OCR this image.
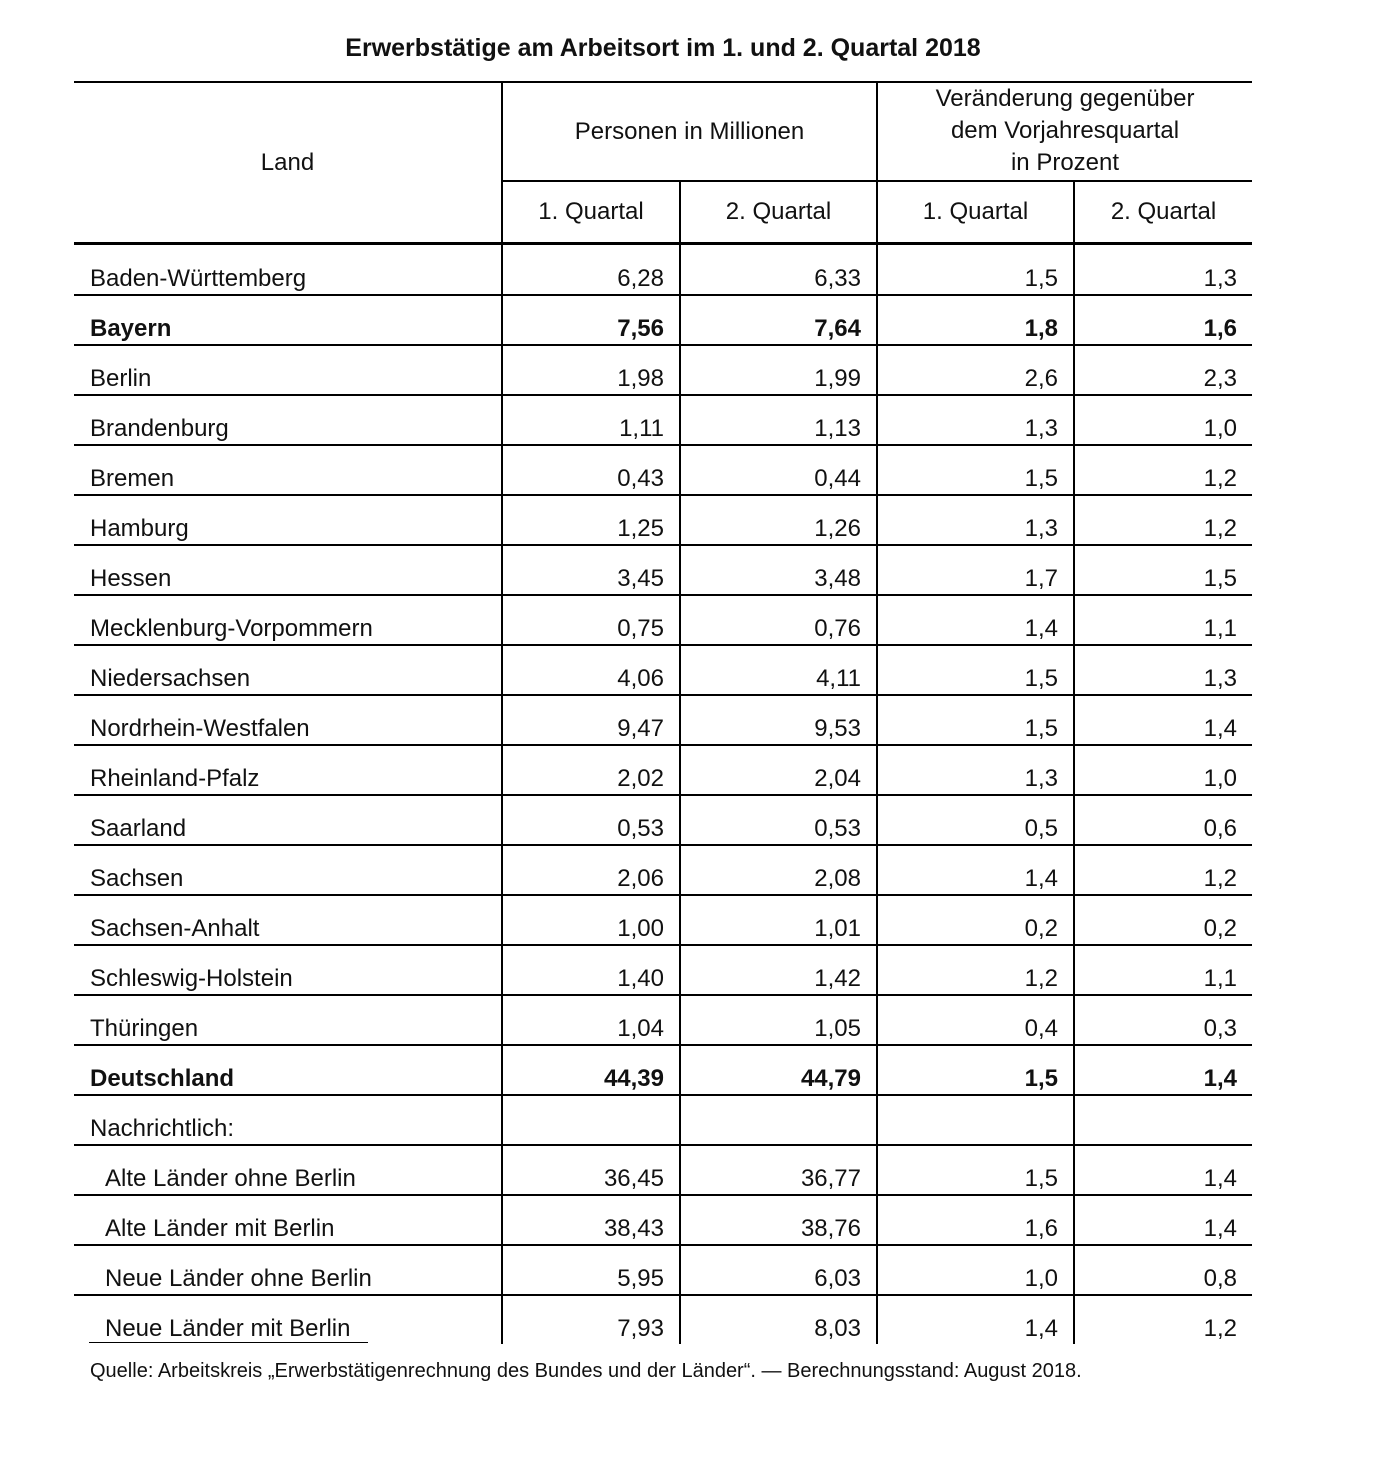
Erwerbstätige am Arbeitsort im 1. und 2. Quartal 2018
Land	Personen in Millionen		Veränderung gegenüber
dem Vorjahresquartal
in Prozent	

	1. Quartal	2. Quartal	1. Quartal	2. Quartal
Baden-Württemberg	6,28	6,33	1,5	1,3
Bayern	7,56	7,64	1,8	1,6
Berlin	1,98	1,99	2,6	2,3
Brandenburg	1,11	1,13	1,3	1,0
Bremen	0,43	0,44	1,5	1,2
Hamburg	1,25	1,26	1,3	1,2
Hessen	3,45	3,48	1,7	1,5
Mecklenburg-Vorpommern	0,75	0,76	1,4	1,1
Niedersachsen	4,06	4,11	1,5	1,3
Nordrhein-Westfalen	9,47	9,53	1,5	1,4
Rheinland-Pfalz	2,02	2,04	1,3	1,0
Saarland	0,53	0,53	0,5	0,6
Sachsen	2,06	2,08	1,4	1,2
Sachsen-Anhalt	1,00	1,01	0,2	0,2
Schleswig-Holstein	1,40	1,42	1,2	1,1
Thüringen	1,04	1,05	0,4	0,3
Deutschland	44,39	44,79	1,5	1,4
Nachrichtlich:				
Alte Länder ohne Berlin	36,45	36,77	1,5	1,4
Alte Länder mit Berlin	38,43	38,76	1,6	1,4
Neue Länder ohne Berlin	5,95	6,03	1,0	0,8
Neue Länder mit Berlin	7,93	8,03	1,4	1,2
Quelle: Arbeitskreis „Erwerbstätigenrechnung des Bundes und der Länder“. — Berechnungsstand: August 2018.
